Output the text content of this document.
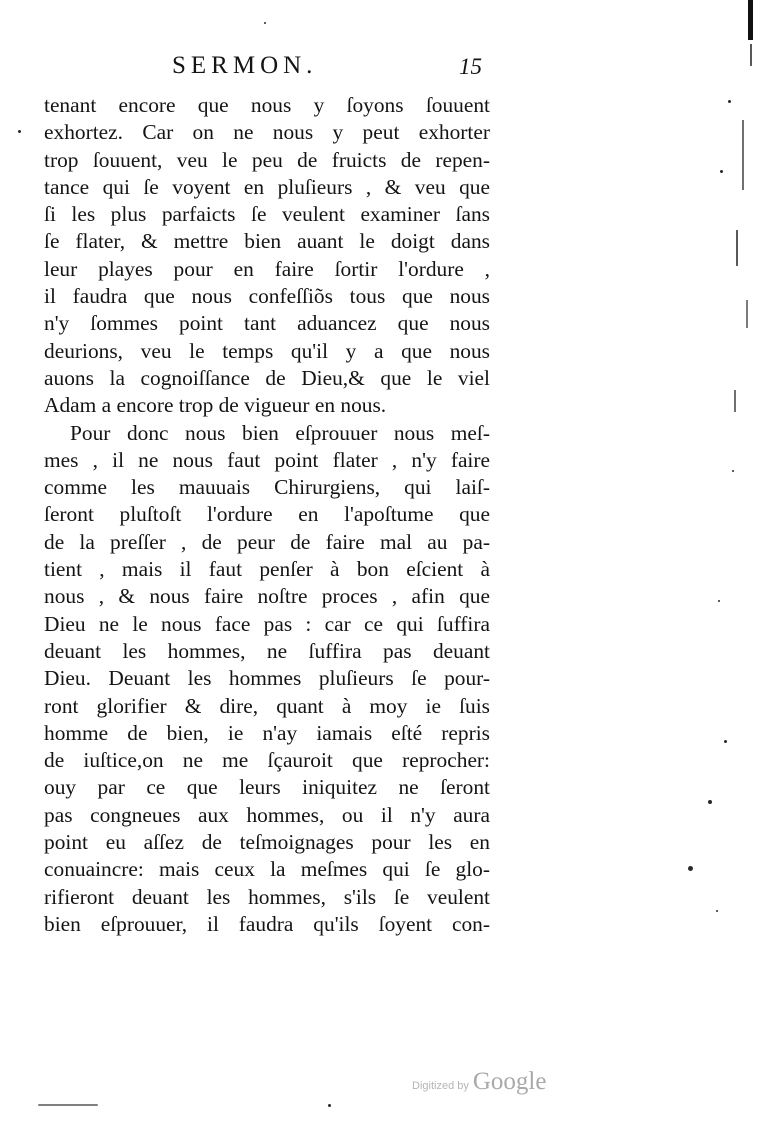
SERMON.	15
tenant encore que nous y ſoyons ſouuent
exhortez. Car on ne nous y peut exhorter
trop ſouuent, veu le peu de fruicts de repen-
tance qui ſe voyent en pluſieurs , & veu que
ſi les plus parfaicts ſe veulent examiner ſans
ſe flater, & mettre bien auant le doigt dans
leur playes pour en faire ſortir l'ordure ,
il faudra que nous confeſſiõs tous que nous
n'y ſommes point tant aduancez que nous
deurions, veu le temps qu'il y a que nous
auons la cognoiſſance de Dieu,& que le viel
Adam a encore trop de vigueur en nous.
Pour donc nous bien eſprouuer nous meſ-
mes , il ne nous faut point flater , n'y faire
comme les mauuais Chirurgiens, qui laiſ-
ſeront pluſtoſt l'ordure en l'apoſtume que
de la preſſer , de peur de faire mal au pa-
tient , mais il faut penſer à bon eſcient à
nous , & nous faire noſtre proces , afin que
Dieu ne le nous face pas : car ce qui ſuffira
deuant les hommes, ne ſuffira pas deuant
Dieu. Deuant les hommes pluſieurs ſe pour-
ront glorifier & dire, quant à moy ie ſuis
homme de bien, ie n'ay iamais eſté repris
de iuſtice,on ne me ſçauroit que reprocher:
ouy par ce que leurs iniquitez ne ſeront
pas congneues aux hommes, ou il n'y aura
point eu aſſez de teſmoignages pour les en
conuaincre: mais ceux la meſmes qui ſe glo-
rifieront deuant les hommes, s'ils ſe veulent
bien eſprouuer, il faudra qu'ils ſoyent con-
Digitized by Google
